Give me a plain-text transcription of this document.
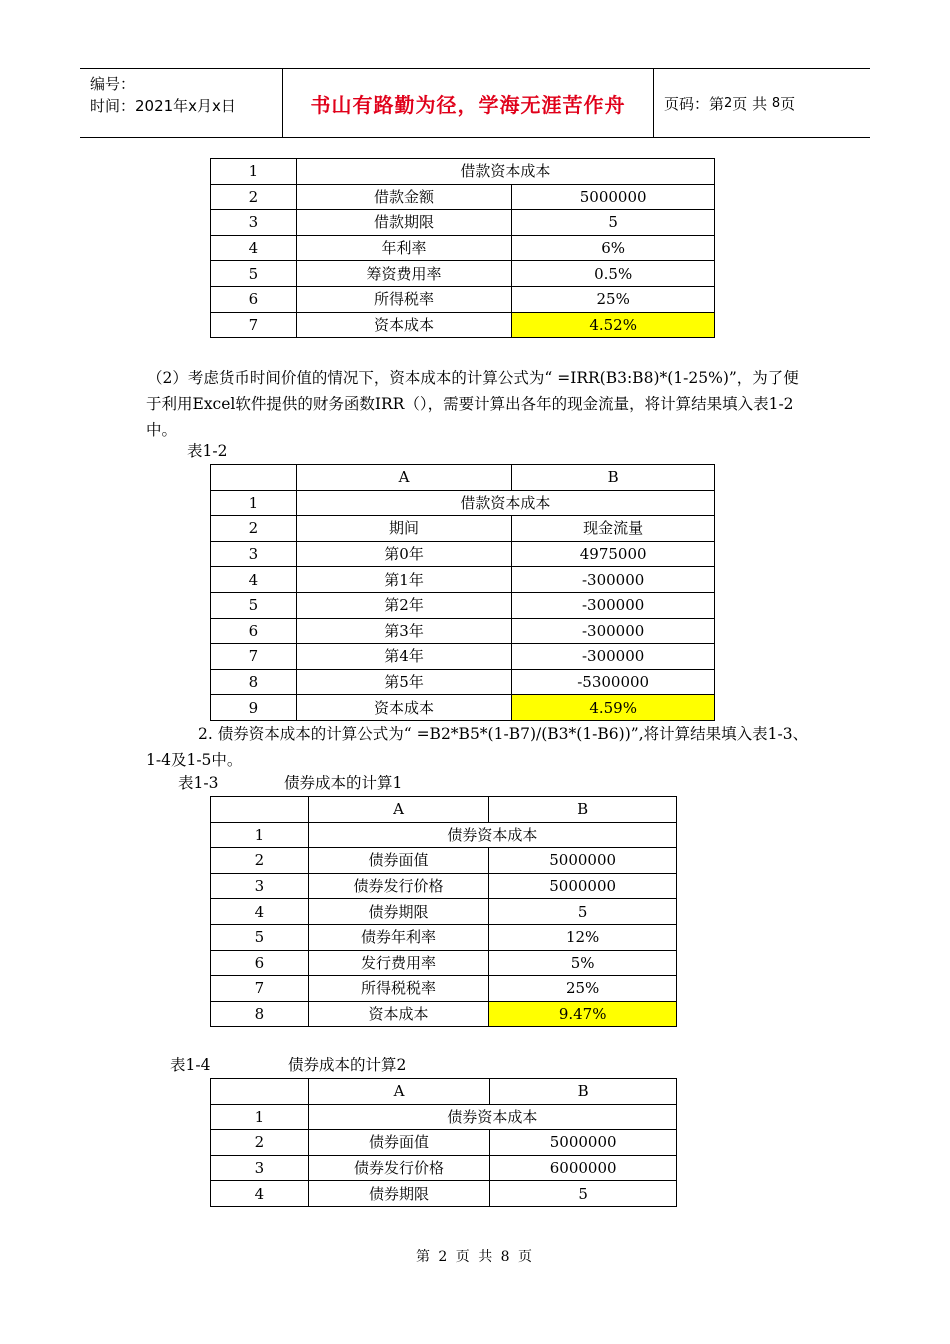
编号：
时间：2021年x月x日	书山有路勤为径，学海无涯苦作舟	页码：第 2 页 共
8 页
1	借款资本成本	
2	借款金额	5000000
3	借款期限	5
4	年利率	6%
5	筹资费用率	0.5%
6	所得税率	25%
7	资本成本	4.52%

（2）考虑货币时间价值的情况下，资本成本的计算公式为“ =IRR(B3:B8)*(1-25%)”，为了便于利用Excel软件提供的财务函数IRR（），需要计算出各年的现金流量，将计算结果填入表1-2中。

表1-2
	A	B
1	借款资本成本	
2	期间	现金流量
3	第0年	4975000
4	第1年	-300000
5	第2年	-300000
6	第3年	-300000
7	第4年	-300000
8	第5年	-5300000
9	资本成本	4.59%

2. 债券资本成本的计算公式为“ =B2*B5*(1-B7)/(B3*(1-B6))”,将计算结果填入表1-3、1-4及1-5中。

表1-3	债券成本的计算1
	A	B
1	债券资本成本	
2	债券面值	5000000
3	债券发行价格	5000000
4	债券期限	5
5	债券年利率	12%
6	发行费用率	5%
7	所得税税率	25%
8	资本成本	9.47%
表1-4	债券成本的计算2
	A	B
1	债券资本成本	
2	债券面值	5000000
3	债券发行价格	6000000
4	债券期限	5
第 2 页 共 8 页
